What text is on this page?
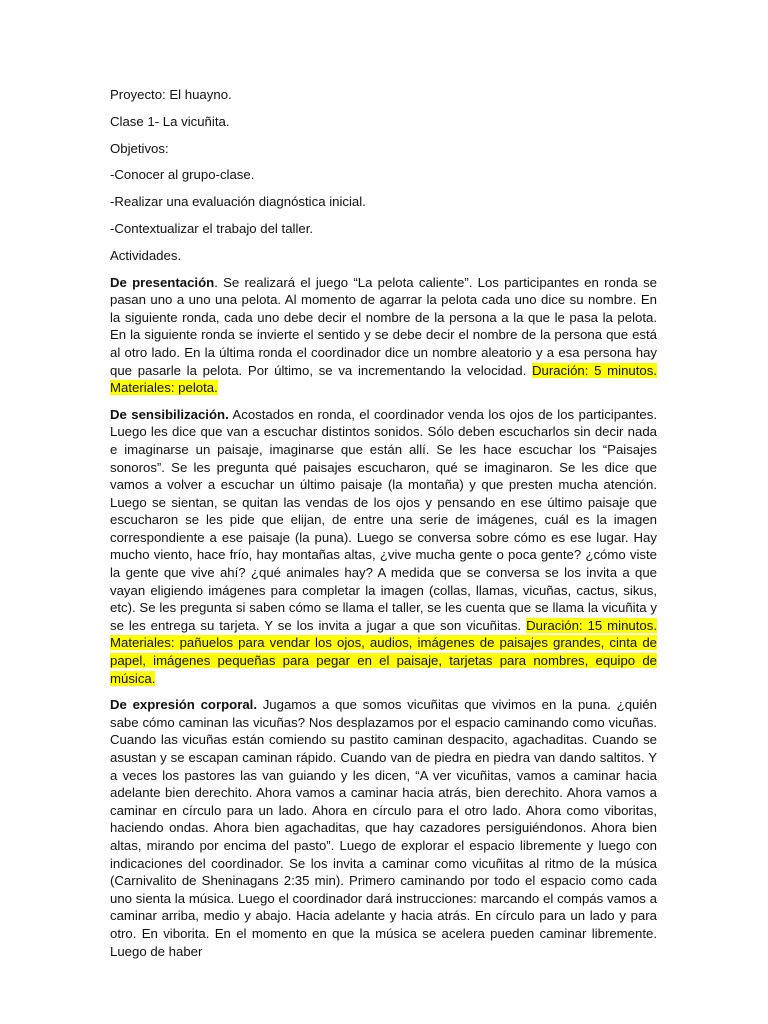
Proyecto: El huayno.

Clase 1- La vicuñita.

Objetivos:

-Conocer al grupo-clase.

-Realizar una evaluación diagnóstica inicial.

-Contextualizar el trabajo del taller.

Actividades.

De presentación. Se realizará el juego “La pelota caliente”. Los participantes en ronda se pasan uno a uno una pelota. Al momento de agarrar la pelota cada uno dice su nombre. En la siguiente ronda, cada uno debe decir el nombre de la persona a la que le pasa la pelota. En la siguiente ronda se invierte el sentido y se debe decir el nombre de la persona que está al otro lado. En la última ronda el coordinador dice un nombre aleatorio y a esa persona hay que pasarle la pelota. Por último, se va incrementando la velocidad. Duración: 5 minutos. Materiales: pelota.

De sensibilización. Acostados en ronda, el coordinador venda los ojos de los participantes. Luego les dice que van a escuchar distintos sonidos. Sólo deben escucharlos sin decir nada e imaginarse un paisaje, imaginarse que están allí. Se les hace escuchar los “Paisajes sonoros”. Se les pregunta qué paisajes escucharon, qué se imaginaron. Se les dice que vamos a volver a escuchar un último paisaje (la montaña) y que presten mucha atención. Luego se sientan, se quitan las vendas de los ojos y pensando en ese último paisaje que escucharon se les pide que elijan, de entre una serie de imágenes, cuál es la imagen correspondiente a ese paisaje (la puna). Luego se conversa sobre cómo es ese lugar. Hay mucho viento, hace frío, hay montañas altas, ¿vive mucha gente o poca gente? ¿cómo viste la gente que vive ahí? ¿qué animales hay? A medida que se conversa se los invita a que vayan eligiendo imágenes para completar la imagen (collas, llamas, vicuñas, cactus, sikus, etc). Se les pregunta si saben cómo se llama el taller, se les cuenta que se llama la vicuñita y se les entrega su tarjeta. Y se los invita a jugar a que son vicuñitas. Duración: 15 minutos. Materiales: pañuelos para vendar los ojos, audios, imágenes de paisajes grandes, cinta de papel, imágenes pequeñas para pegar en el paisaje, tarjetas para nombres, equipo de música.

De expresión corporal. Jugamos a que somos vicuñitas que vivimos en la puna. ¿quién sabe cómo caminan las vicuñas? Nos desplazamos por el espacio caminando como vicuñas. Cuando las vicuñas están comiendo su pastito caminan despacito, agachaditas. Cuando se asustan y se escapan caminan rápido. Cuando van de piedra en piedra van dando saltitos. Y a veces los pastores las van guiando y les dicen, “A ver vicuñitas, vamos a caminar hacia adelante bien derechito. Ahora vamos a caminar hacia atrás, bien derechito. Ahora vamos a caminar en círculo para un lado. Ahora en círculo para el otro lado. Ahora como viboritas, haciendo ondas. Ahora bien agachaditas, que hay cazadores persiguiéndonos. Ahora bien altas, mirando por encima del pasto”. Luego de explorar el espacio libremente y luego con indicaciones del coordinador. Se los invita a caminar como vicuñitas al ritmo de la música (Carnivalito de Sheninagans 2:35 min). Primero caminando por todo el espacio como cada uno sienta la música. Luego el coordinador dará instrucciones: marcando el compás vamos a caminar arriba, medio y abajo. Hacia adelante y hacia atrás. En círculo para un lado y para otro. En viborita. En el momento en que la música se acelera pueden caminar libremente. Luego de haber
